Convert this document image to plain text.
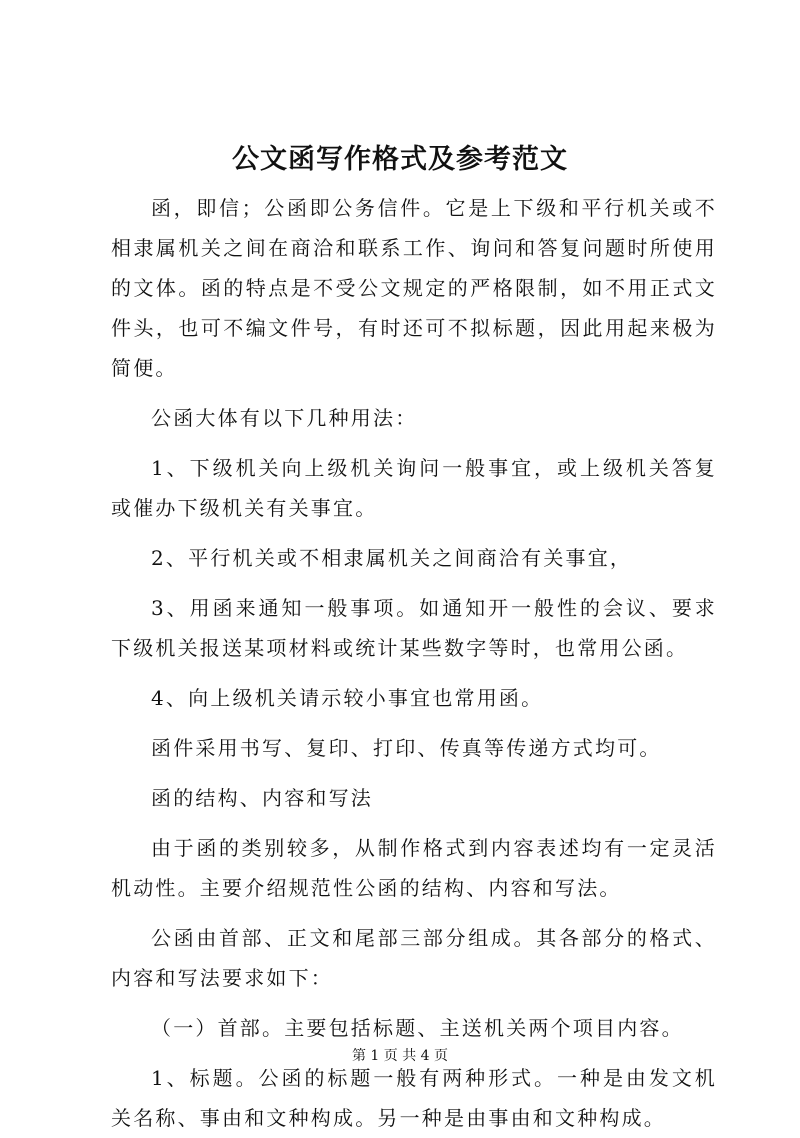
公文函写作格式及参考范文

函，即信；公函即公务信件。它是上下级和平行机关或不相隶属机关之间在商洽和联系工作、询问和答复问题时所使用的文体。函的特点是不受公文规定的严格限制，如不用正式文件头，也可不编文件号，有时还可不拟标题，因此用起来极为简便。

公函大体有以下几种用法：

1、下级机关向上级机关询问一般事宜，或上级机关答复或催办下级机关有关事宜。

2、平行机关或不相隶属机关之间商洽有关事宜，

3、用函来通知一般事项。如通知开一般性的会议、要求下级机关报送某项材料或统计某些数字等时，也常用公函。

4、向上级机关请示较小事宜也常用函。

函件采用书写、复印、打印、传真等传递方式均可。

函的结构、内容和写法

由于函的类别较多，从制作格式到内容表述均有一定灵活机动性。主要介绍规范性公函的结构、内容和写法。

公函由首部、正文和尾部三部分组成。其各部分的格式、内容和写法要求如下：

（一）首部。主要包括标题、主送机关两个项目内容。

1、标题。公函的标题一般有两种形式。一种是由发文机关名称、事由和文种构成。另一种是由事由和文种构成。

第 1 页 共 4 页
